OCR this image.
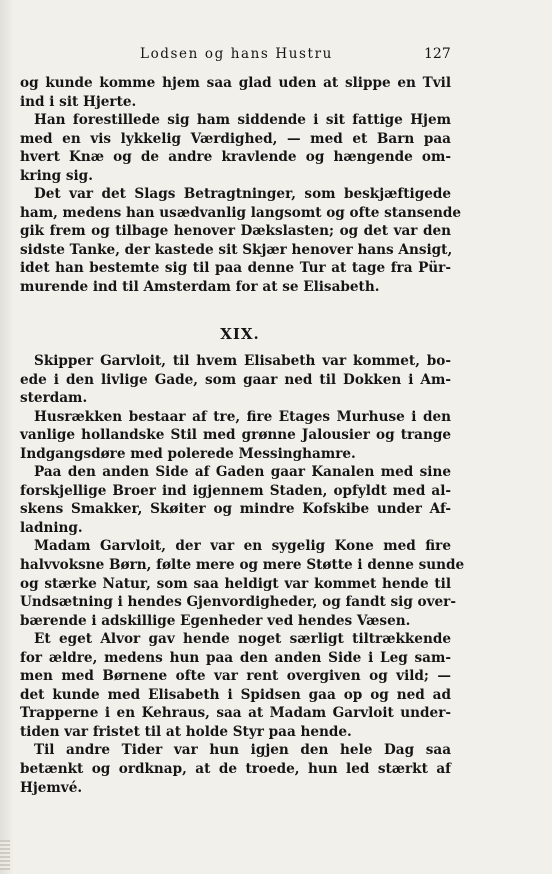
Lodsen og hans Hustru	127

og kunde komme hjem saa glad uden at slippe en Tvil

ind i sit Hjerte.

Han forestillede sig ham siddende i sit fattige Hjem

med en vis lykkelig Værdighed, — med et Barn paa

hvert Knæ og de andre kravlende og hængende om-

kring sig.

Det var det Slags Betragtninger, som beskjæftigede

ham, medens han usædvanlig langsomt og ofte stansende

gik frem og tilbage henover Dækslasten; og det var den

sidste Tanke, der kastede sit Skjær henover hans Ansigt,

idet han bestemte sig til paa denne Tur at tage fra Pür-

murende ind til Amsterdam for at se Elisabeth.

XIX.

Skipper Garvloit, til hvem Elisabeth var kommet, bo-

ede i den livlige Gade, som gaar ned til Dokken i Am-

sterdam.

Husrækken bestaar af tre, fire Etages Murhuse i den

vanlige hollandske Stil med grønne Jalousier og trange

Indgangsdøre med polerede Messinghamre.

Paa den anden Side af Gaden gaar Kanalen med sine

forskjellige Broer ind igjennem Staden, opfyldt med al-

skens Smakker, Skøiter og mindre Kofskibe under Af-

ladning.

Madam Garvloit, der var en sygelig Kone med fire

halvvoksne Børn, følte mere og mere Støtte i denne sunde

og stærke Natur, som saa heldigt var kommet hende til

Undsætning i hendes Gjenvordigheder, og fandt sig over-

bærende i adskillige Egenheder ved hendes Væsen.

Et eget Alvor gav hende noget særligt tiltrækkende

for ældre, medens hun paa den anden Side i Leg sam-

men med Børnene ofte var rent overgiven og vild; —

det kunde med Elisabeth i Spidsen gaa op og ned ad

Trapperne i en Kehraus, saa at Madam Garvloit under-

tiden var fristet til at holde Styr paa hende.

Til andre Tider var hun igjen den hele Dag saa

betænkt og ordknap, at de troede, hun led stærkt af

Hjemvé.
